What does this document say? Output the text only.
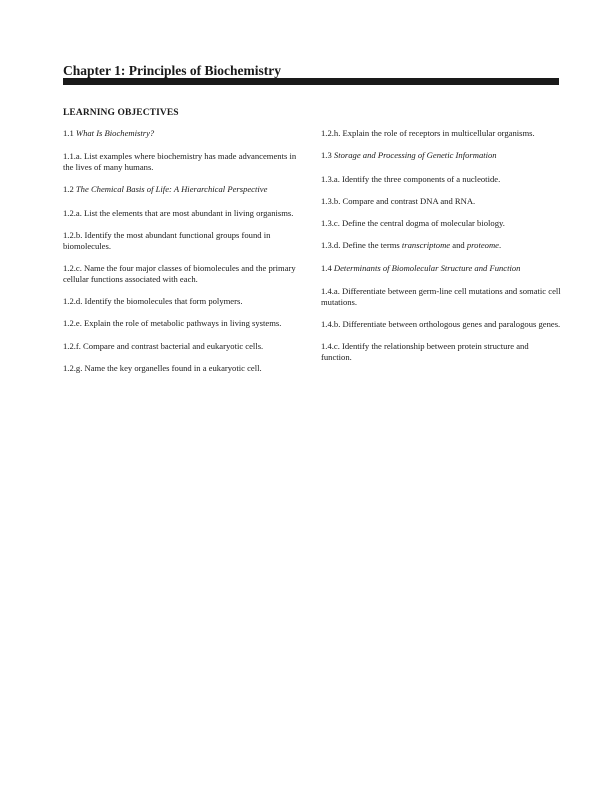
Chapter 1: Principles of Biochemistry
LEARNING OBJECTIVES

1.1 What Is Biochemistry?

1.1.a. List examples where biochemistry has made advancements in the lives of many humans.

1.2 The Chemical Basis of Life: A Hierarchical Perspective

1.2.a. List the elements that are most abundant in living organisms.

1.2.b. Identify the most abundant functional groups found in biomolecules.

1.2.c. Name the four major classes of biomolecules and the primary cellular functions associated with each.

1.2.d. Identify the biomolecules that form polymers.

1.2.e. Explain the role of metabolic pathways in living systems.

1.2.f. Compare and contrast bacterial and eukaryotic cells.

1.2.g. Name the key organelles found in a eukaryotic cell.

1.2.h. Explain the role of receptors in multicellular organisms.

1.3 Storage and Processing of Genetic Information

1.3.a. Identify the three components of a nucleotide.

1.3.b. Compare and contrast DNA and RNA.

1.3.c. Define the central dogma of molecular biology.

1.3.d. Define the terms transcriptome and proteome.

1.4 Determinants of Biomolecular Structure and Function

1.4.a. Differentiate between germ-line cell mutations and somatic cell mutations.

1.4.b. Differentiate between orthologous genes and paralogous genes.

1.4.c. Identify the relationship between protein structure and function.
